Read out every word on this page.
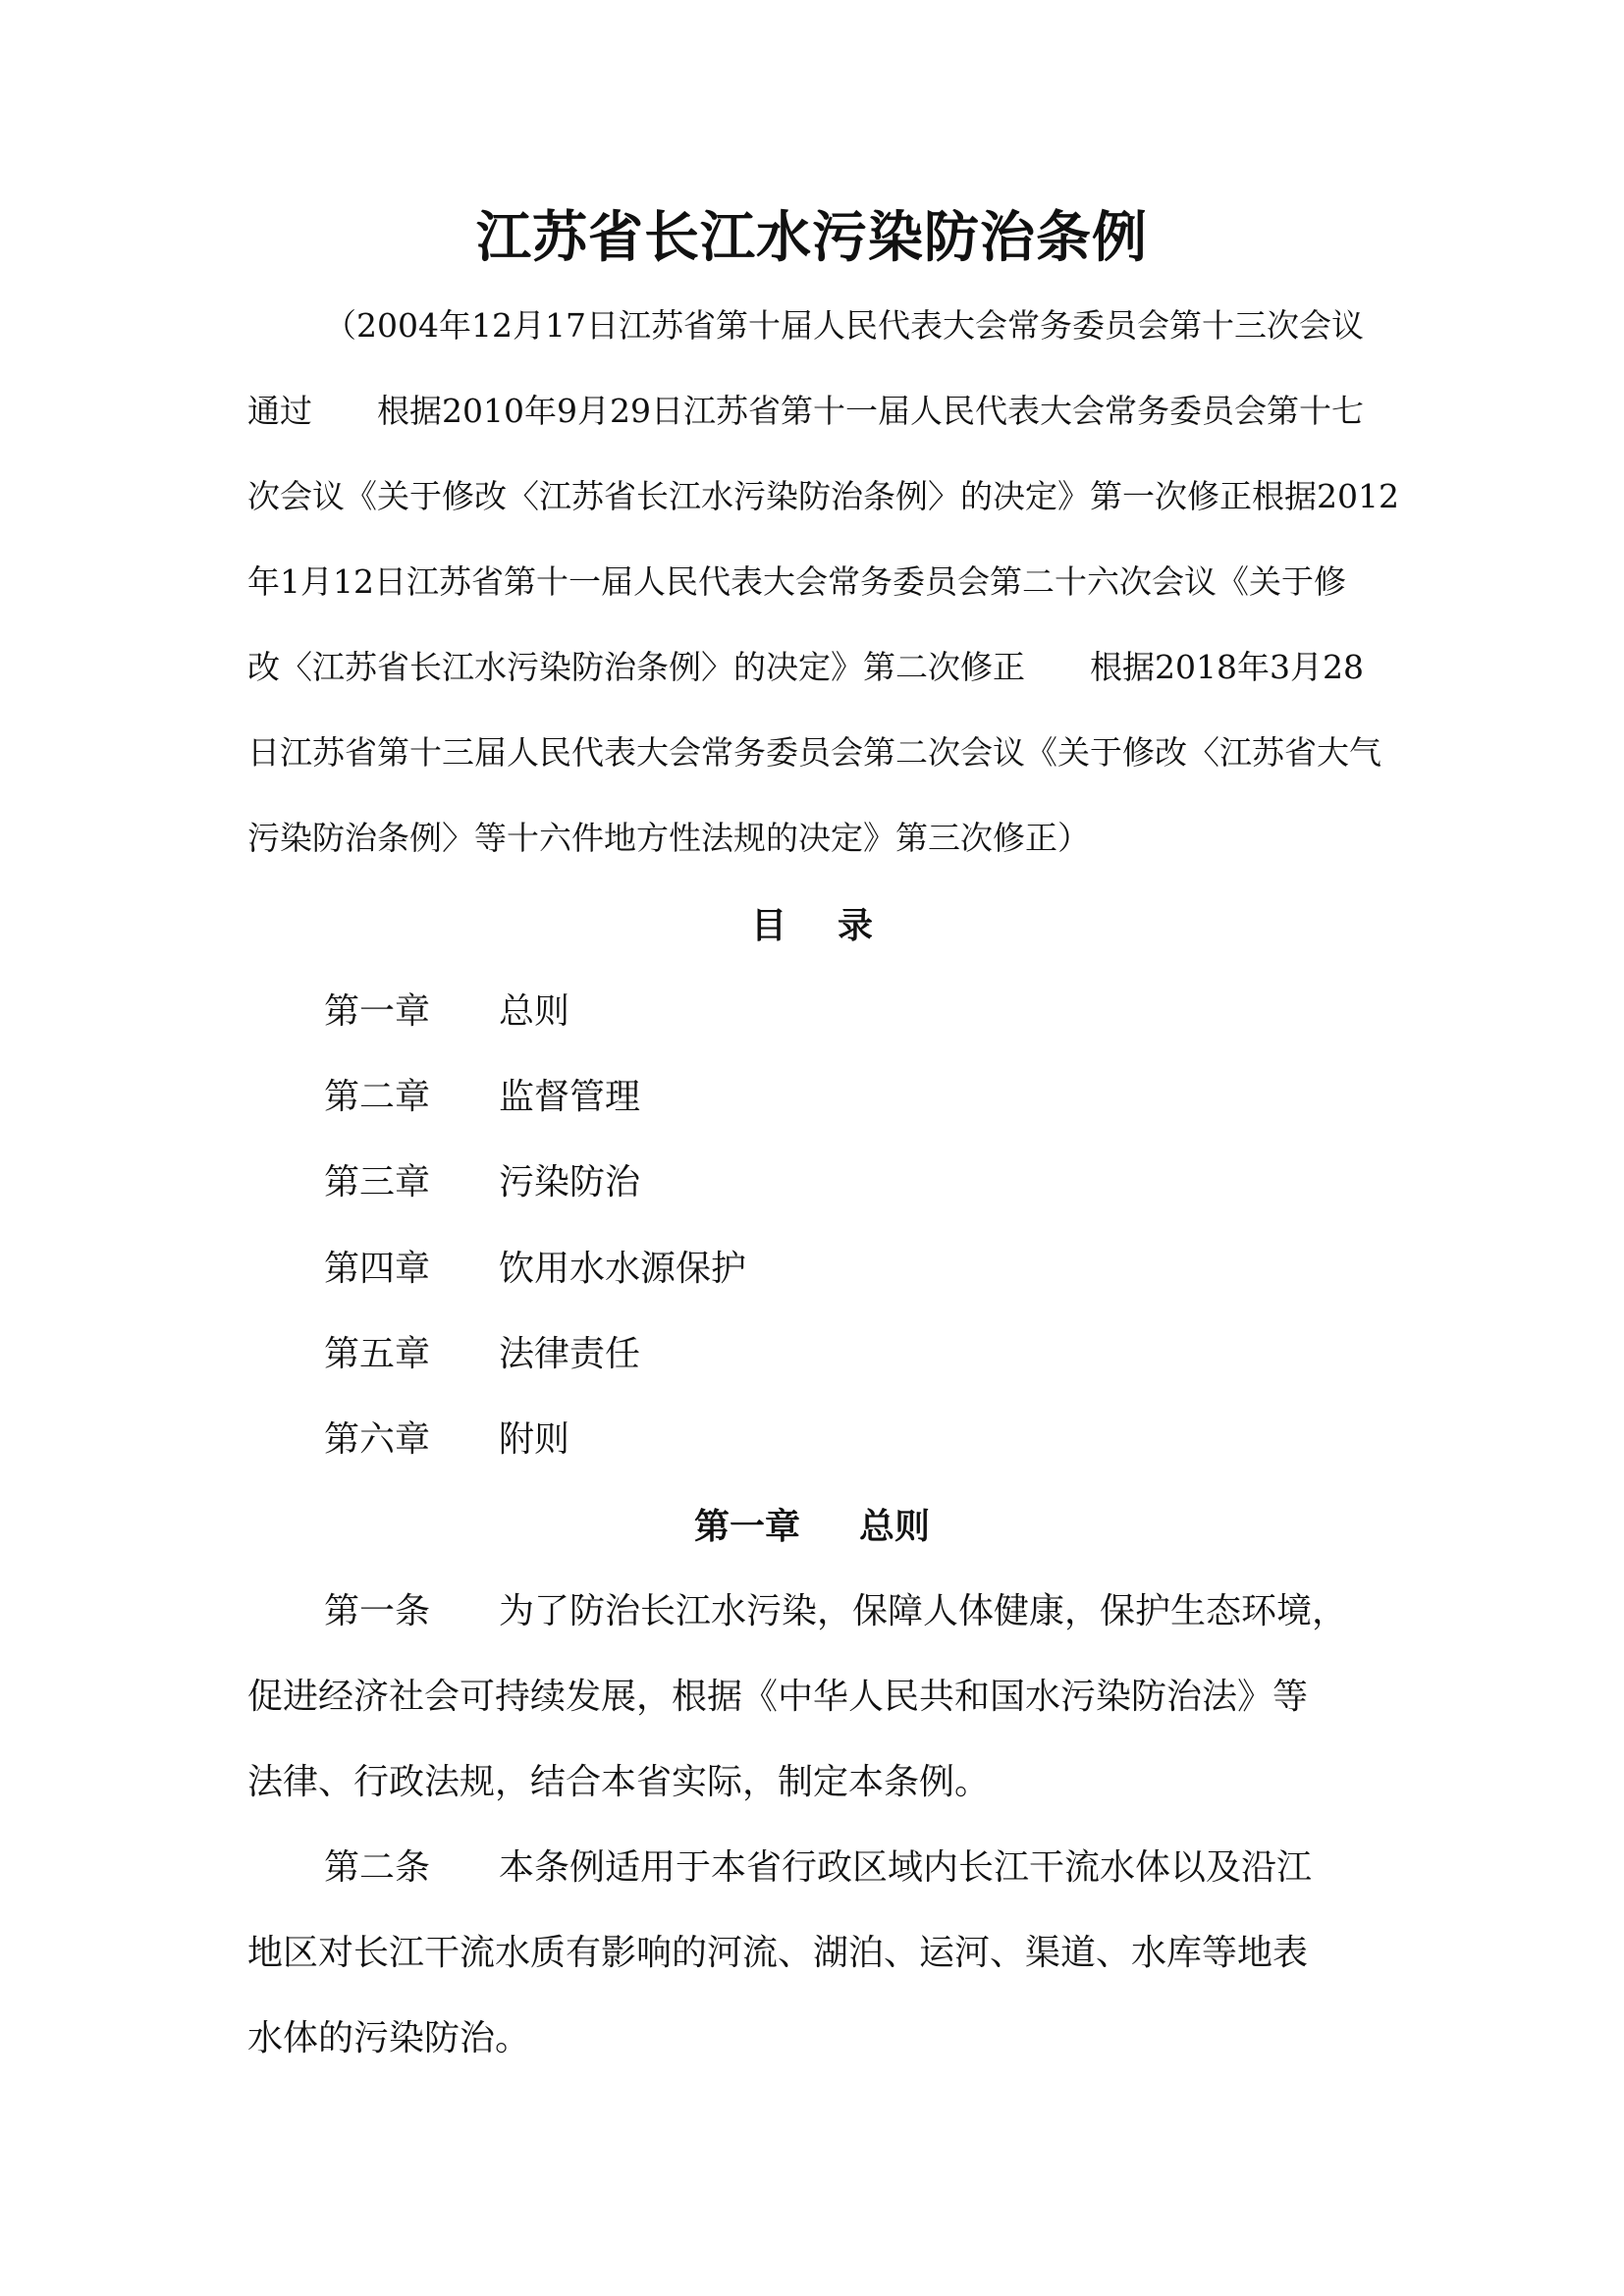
江苏省长江水污染防治条例
（2004年12月17日江苏省第十届人民代表大会常务委员会第十三次会议
通过　　根据2010年9月29日江苏省第十一届人民代表大会常务委员会第十七
次会议《关于修改〈江苏省长江水污染防治条例〉的决定》第一次修正根据2012
年1月12日江苏省第十一届人民代表大会常务委员会第二十六次会议《关于修
改〈江苏省长江水污染防治条例〉的决定》第二次修正　　根据2018年3月28
日江苏省第十三届人民代表大会常务委员会第二次会议《关于修改〈江苏省大气
污染防治条例〉等十六件地方性法规的决定》第三次修正）
目 录
第一章 总则
第二章 监督管理
第三章 污染防治
第四章 饮用水水源保护
第五章 法律责任
第六章 附则
第一章 总则
第一条 为了防治长江水污染，保障人体健康，保护生态环境，
促进经济社会可持续发展，根据《中华人民共和国水污染防治法》等
法律、行政法规，结合本省实际，制定本条例。
第二条 本条例适用于本省行政区域内长江干流水体以及沿江
地区对长江干流水质有影响的河流、湖泊、运河、渠道、水库等地表
水体的污染防治。
